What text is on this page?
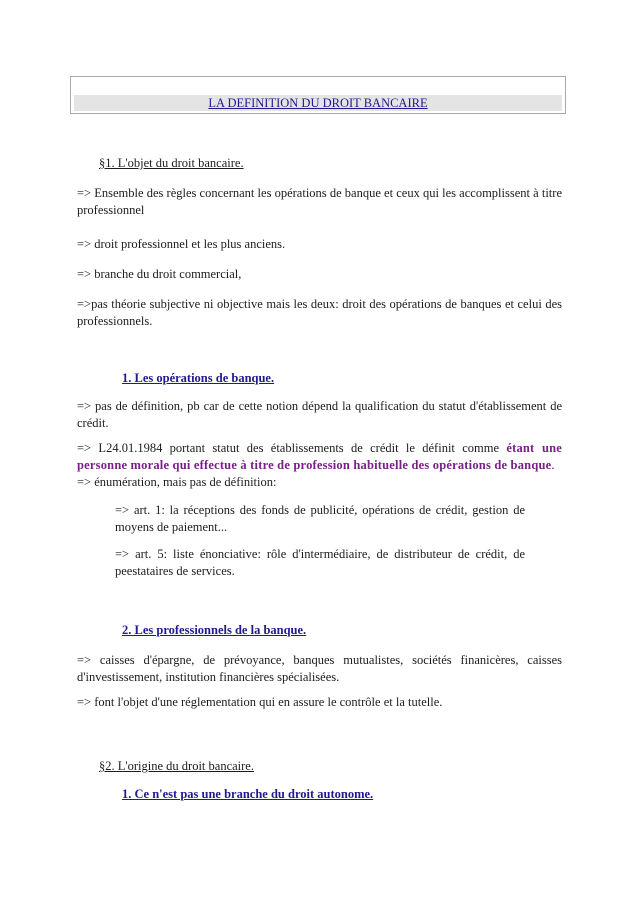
LA DEFINITION DU DROIT BANCAIRE
§1. L'objet du droit bancaire.
=> Ensemble des règles concernant les opérations de banque et ceux qui les accomplissent à titre professionnel
=> droit professionnel et les plus anciens.
=> branche du droit commercial,
=>pas théorie subjective ni objective mais les deux: droit des opérations de banques et celui des professionnels.
1. Les opérations de banque.
=> pas de définition, pb car de cette notion dépend la qualification du statut d'établissement de crédit.
=> L24.01.1984 portant statut des établissements de crédit le définit comme étant une personne morale qui effectue à titre de profession habituelle des opérations de banque.
=> énumération, mais pas de définition:
=> art. 1: la réceptions des fonds de publicité, opérations de crédit, gestion de moyens de paiement...
=> art. 5: liste énonciative: rôle d'intermédiaire, de distributeur de crédit, de peestataires de services.
2. Les professionnels de la banque.
=> caisses d'épargne, de prévoyance, banques mutualistes, sociétés finanicères, caisses d'investissement, institution financières spécialisées.
=> font l'objet d'une réglementation qui en assure le contrôle et la tutelle.
§2. L'origine du droit bancaire.
1. Ce n'est pas une branche du droit autonome.
